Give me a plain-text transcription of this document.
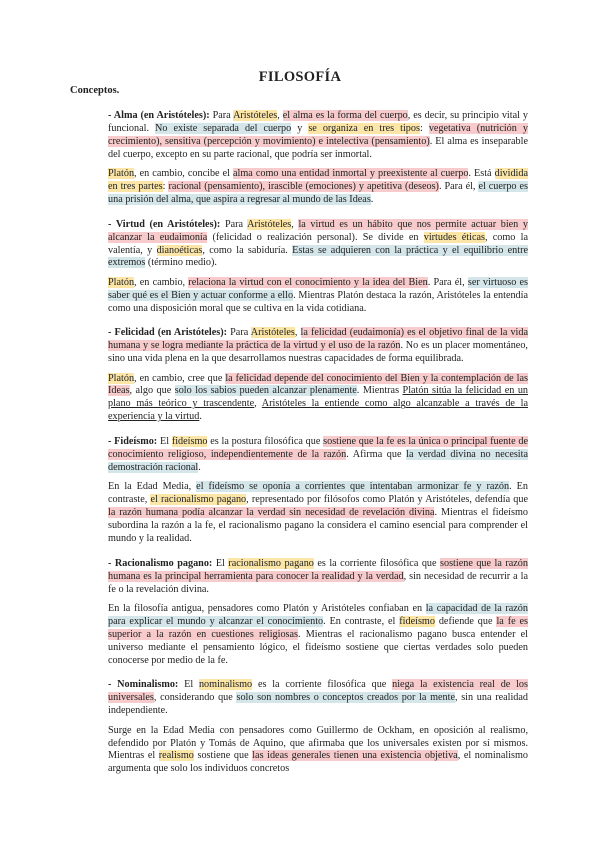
FILOSOFÍA
Conceptos.

- Alma (en Aristóteles): Para Aristóteles, el alma es la forma del cuerpo, es decir, su principio vital y funcional. No existe separada del cuerpo y se organiza en tres tipos: vegetativa (nutrición y crecimiento), sensitiva (percepción y movimiento) e intelectiva (pensamiento). El alma es inseparable del cuerpo, excepto en su parte racional, que podría ser inmortal.

Platón, en cambio, concibe el alma como una entidad inmortal y preexistente al cuerpo. Está dividida en tres partes: racional (pensamiento), irascible (emociones) y apetitiva (deseos). Para él, el cuerpo es una prisión del alma, que aspira a regresar al mundo de las Ideas.

- Virtud (en Aristóteles): Para Aristóteles, la virtud es un hábito que nos permite actuar bien y alcanzar la eudaimonía (felicidad o realización personal). Se divide en virtudes éticas, como la valentía, y dianoéticas, como la sabiduría. Estas se adquieren con la práctica y el equilibrio entre extremos (término medio).

Platón, en cambio, relaciona la virtud con el conocimiento y la idea del Bien. Para él, ser virtuoso es saber qué es el Bien y actuar conforme a ello. Mientras Platón destaca la razón, Aristóteles la entendía como una disposición moral que se cultiva en la vida cotidiana.

- Felicidad (en Aristóteles): Para Aristóteles, la felicidad (eudaimonía) es el objetivo final de la vida humana y se logra mediante la práctica de la virtud y el uso de la razón. No es un placer momentáneo, sino una vida plena en la que desarrollamos nuestras capacidades de forma equilibrada.

Platón, en cambio, cree que la felicidad depende del conocimiento del Bien y la contemplación de las Ideas, algo que solo los sabios pueden alcanzar plenamente. Mientras Platón sitúa la felicidad en un plano más teórico y trascendente, Aristóteles la entiende como algo alcanzable a través de la experiencia y la virtud.

- Fideísmo: El fideísmo es la postura filosófica que sostiene que la fe es la única o principal fuente de conocimiento religioso, independientemente de la razón. Afirma que la verdad divina no necesita demostración racional.

En la Edad Media, el fideísmo se oponía a corrientes que intentaban armonizar fe y razón. En contraste, el racionalismo pagano, representado por filósofos como Platón y Aristóteles, defendía que la razón humana podía alcanzar la verdad sin necesidad de revelación divina. Mientras el fideísmo subordina la razón a la fe, el racionalismo pagano la considera el camino esencial para comprender el mundo y la realidad.

- Racionalismo pagano: El racionalismo pagano es la corriente filosófica que sostiene que la razón humana es la principal herramienta para conocer la realidad y la verdad, sin necesidad de recurrir a la fe o la revelación divina.

En la filosofía antigua, pensadores como Platón y Aristóteles confiaban en la capacidad de la razón para explicar el mundo y alcanzar el conocimiento. En contraste, el fideísmo defiende que la fe es superior a la razón en cuestiones religiosas. Mientras el racionalismo pagano busca entender el universo mediante el pensamiento lógico, el fideísmo sostiene que ciertas verdades solo pueden conocerse por medio de la fe.

- Nominalismo: El nominalismo es la corriente filosófica que niega la existencia real de los universales, considerando que solo son nombres o conceptos creados por la mente, sin una realidad independiente.

Surge en la Edad Media con pensadores como Guillermo de Ockham, en oposición al realismo, defendido por Platón y Tomás de Aquino, que afirmaba que los universales existen por sí mismos. Mientras el realismo sostiene que las ideas generales tienen una existencia objetiva, el nominalismo argumenta que solo los individuos concretos
